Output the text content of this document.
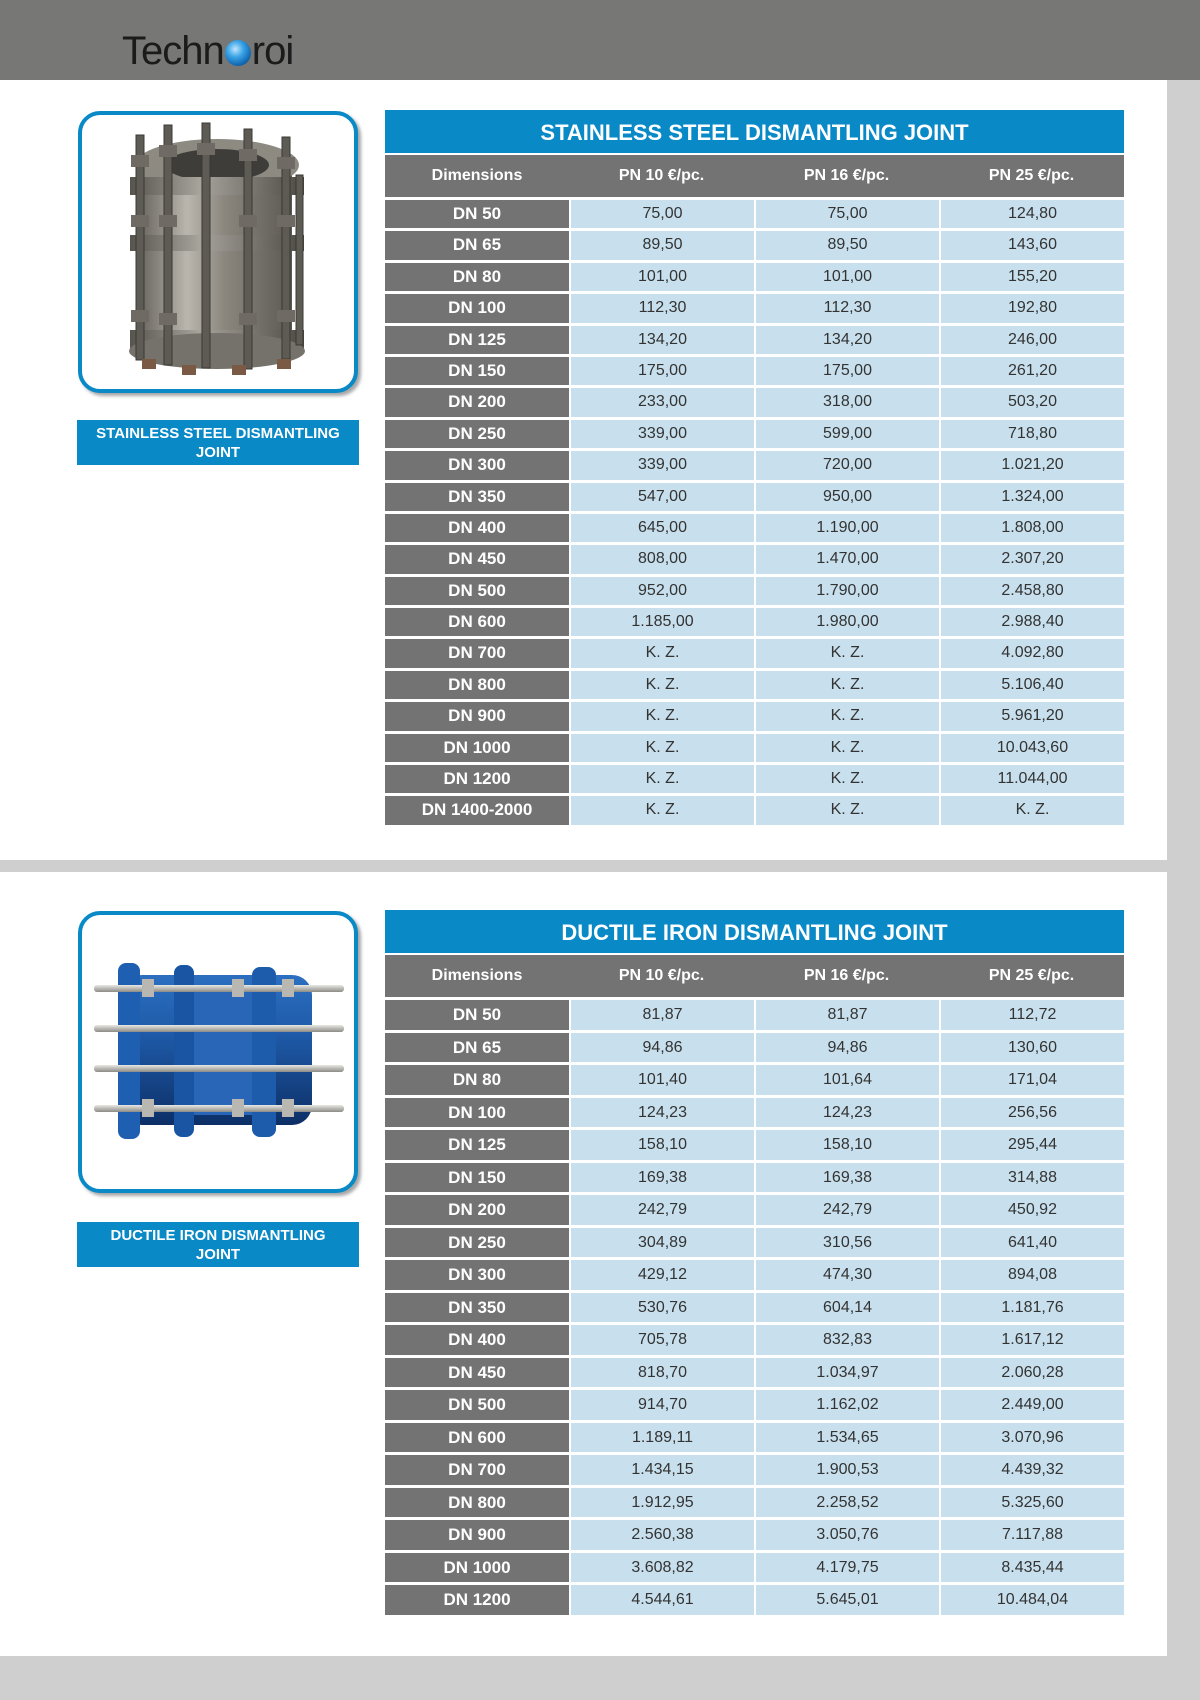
Techn roi
STAINLESS STEEL DISMANTLING JOINT
STAINLESS STEEL DISMANTLING JOINT
Dimensions	PN 10 €/pc.	PN 16 €/pc.	PN 25 €/pc.
DN 50	75,00	75,00	124,80
DN 65	89,50	89,50	143,60
DN 80	101,00	101,00	155,20
DN 100	112,30	112,30	192,80
DN 125	134,20	134,20	246,00
DN 150	175,00	175,00	261,20
DN 200	233,00	318,00	503,20
DN 250	339,00	599,00	718,80
DN 300	339,00	720,00	1.021,20
DN 350	547,00	950,00	1.324,00
DN 400	645,00	1.190,00	1.808,00
DN 450	808,00	1.470,00	2.307,20
DN 500	952,00	1.790,00	2.458,80
DN 600	1.185,00	1.980,00	2.988,40
DN 700	K. Z.	K. Z.	4.092,80
DN 800	K. Z.	K. Z.	5.106,40
DN 900	K. Z.	K. Z.	5.961,20
DN 1000	K. Z.	K. Z.	10.043,60
DN 1200	K. Z.	K. Z.	11.044,00
DN 1400-2000	K. Z.	K. Z.	K. Z.
DUCTILE IRON DISMANTLING JOINT
DUCTILE IRON DISMANTLING JOINT
Dimensions	PN 10 €/pc.	PN 16 €/pc.	PN 25 €/pc.
DN 50	81,87	81,87	112,72
DN 65	94,86	94,86	130,60
DN 80	101,40	101,64	171,04
DN 100	124,23	124,23	256,56
DN 125	158,10	158,10	295,44
DN 150	169,38	169,38	314,88
DN 200	242,79	242,79	450,92
DN 250	304,89	310,56	641,40
DN 300	429,12	474,30	894,08
DN 350	530,76	604,14	1.181,76
DN 400	705,78	832,83	1.617,12
DN 450	818,70	1.034,97	2.060,28
DN 500	914,70	1.162,02	2.449,00
DN 600	1.189,11	1.534,65	3.070,96
DN 700	1.434,15	1.900,53	4.439,32
DN 800	1.912,95	2.258,52	5.325,60
DN 900	2.560,38	3.050,76	7.117,88
DN 1000	3.608,82	4.179,75	8.435,44
DN 1200	4.544,61	5.645,01	10.484,04
